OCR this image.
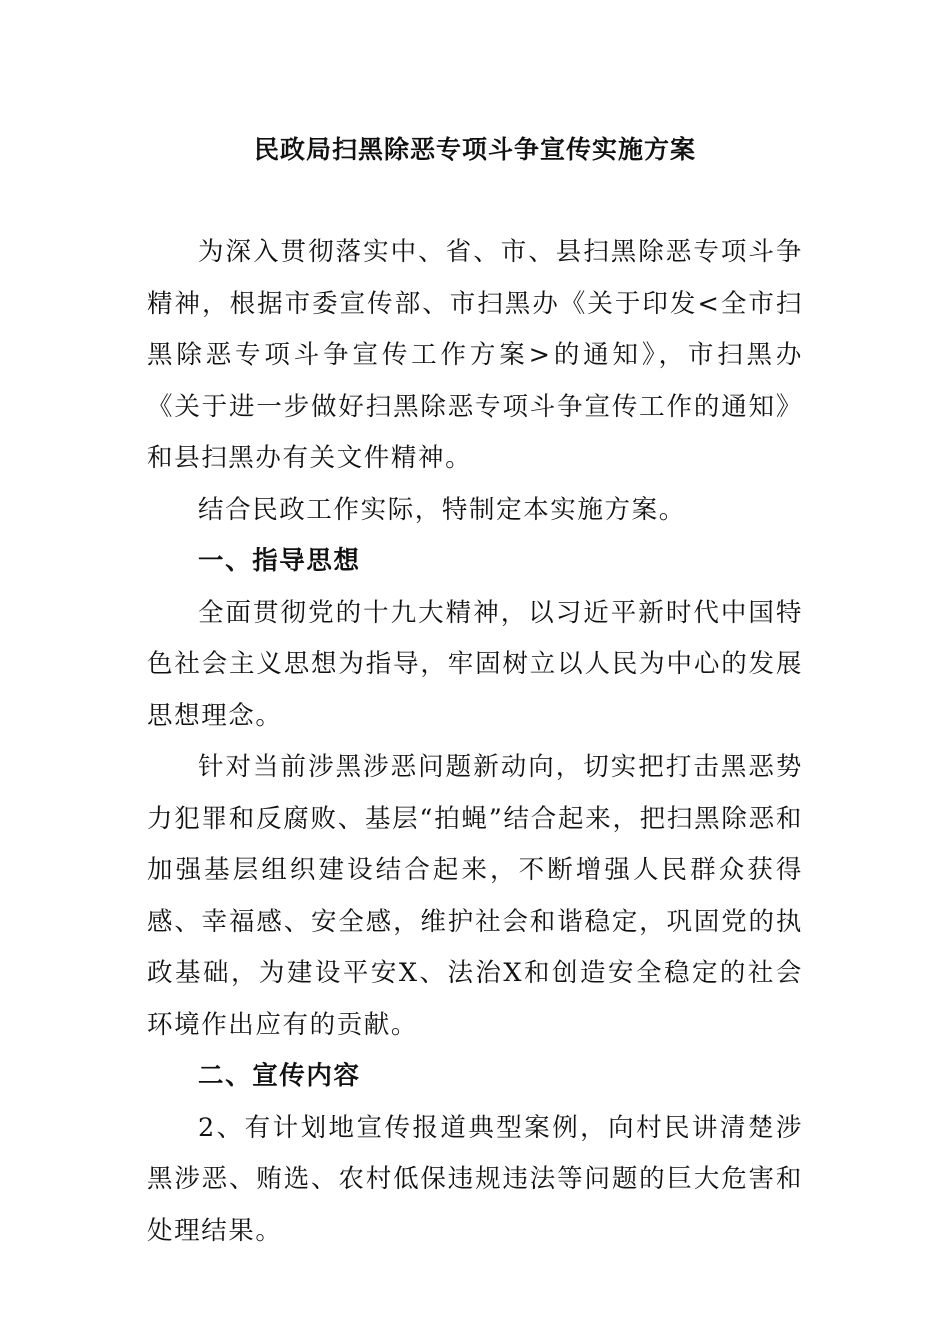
民政局扫黑除恶专项斗争宣传实施方案

为深入贯彻落实中、省、市、县扫黑除恶专项斗争精神，根据市委宣传部、市扫黑办《关于印发<全市扫黑除恶专项斗争宣传工作方案>的通知》，市扫黑办《关于进一步做好扫黑除恶专项斗争宣传工作的通知》和县扫黑办有关文件精神。

结合民政工作实际，特制定本实施方案。

一、指导思想

全面贯彻党的十九大精神，以习近平新时代中国特色社会主义思想为指导，牢固树立以人民为中心的发展思想理念。

针对当前涉黑涉恶问题新动向，切实把打击黑恶势力犯罪和反腐败、基层“拍蝇”结合起来，把扫黑除恶和加强基层组织建设结合起来，不断增强人民群众获得感、幸福感、安全感，维护社会和谐稳定，巩固党的执政基础，为建设平安X、法治X和创造安全稳定的社会环境作出应有的贡献。

二、宣传内容

2、有计划地宣传报道典型案例，向村民讲清楚涉黑涉恶、贿选、农村低保违规违法等问题的巨大危害和处理结果。
